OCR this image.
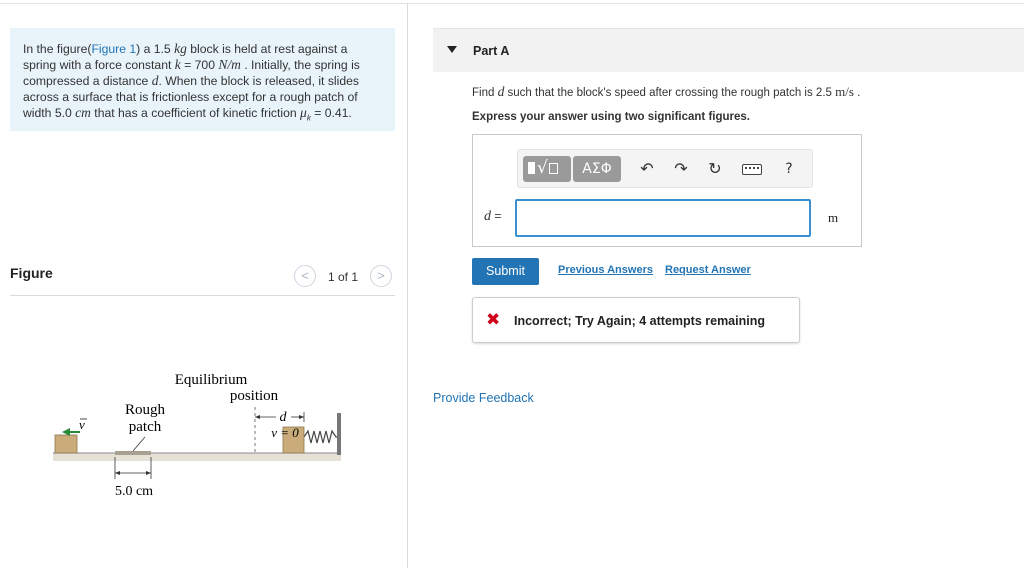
In the figure(Figure 1) a 1.5 kg block is held at rest against a
spring with a force constant k = 700 N/m . Initially, the spring is
compressed a distance d. When the block is released, it slides
across a surface that is frictionless except for a rough patch of
width 5.0 cm that has a coefficient of kinetic friction $\mu_k = 0.41$.
Figure	<	1 of 1	>
v
Equilibrium
position
Rough
patch
d
v = 0
5.0 cm
Part A
Find d such that the block's speed after crossing the rough patch is 2.5 m/s .
Express your answer using two significant figures.
√	ΑΣΦ	↶ ↷ ↻	?
d =	m
Submit	Previous Answers Request Answer
✖ Incorrect; Try Again; 4 attempts remaining
Provide Feedback
